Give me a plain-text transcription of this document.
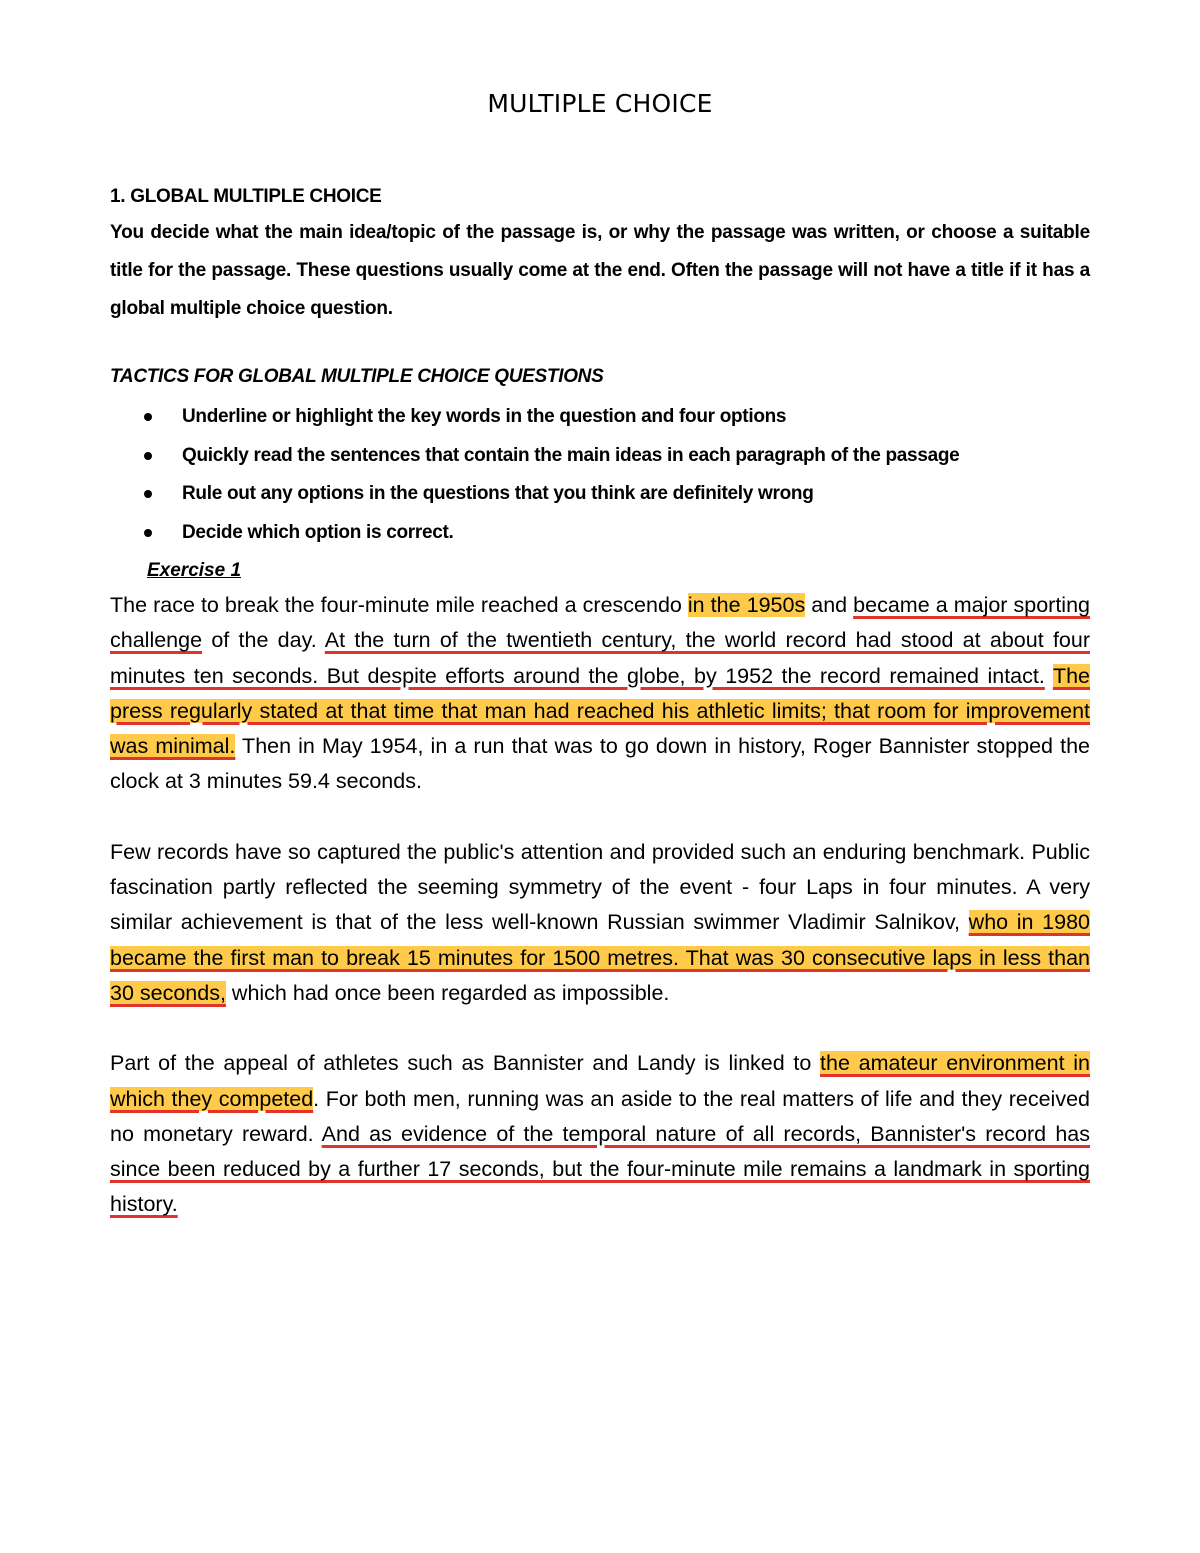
MULTIPLE CHOICE
1. GLOBAL MULTIPLE CHOICE
You decide what the main idea/topic of the passage is, or why the passage was written, or choose a suitable title for the passage. These questions usually come at the end. Often the passage will not have a title if it has a global multiple choice question.
TACTICS FOR GLOBAL MULTIPLE CHOICE QUESTIONS
Underline or highlight the key words in the question and four options
Quickly read the sentences that contain the main ideas in each paragraph of the passage
Rule out any options in the questions that you think are definitely wrong
Decide which option is correct.
Exercise 1

The race to break the four-minute mile reached a crescendo in the 1950s and became a major sporting challenge of the day. At the turn of the twentieth century, the world record had stood at about four minutes ten seconds. But despite efforts around the globe, by 1952 the record remained intact. The press regularly stated at that time that man had reached his athletic limits; that room for improvement was minimal. Then in May 1954, in a run that was to go down in history, Roger Bannister stopped the clock at 3 minutes 59.4 seconds.

Few records have so captured the public's attention and provided such an enduring benchmark. Public fascination partly reflected the seeming symmetry of the event - four Laps in four minutes. A very similar achievement is that of the less well-known Russian swimmer Vladimir Salnikov, who in 1980 became the first man to break 15 minutes for 1500 metres. That was 30 consecutive laps in less than 30 seconds, which had once been regarded as impossible.

Part of the appeal of athletes such as Bannister and Landy is linked to the amateur environment in which they competed. For both men, running was an aside to the real matters of life and they received no monetary reward. And as evidence of the temporal nature of all records, Bannister's record has since been reduced by a further 17 seconds, but the four-minute mile remains a landmark in sporting history.
